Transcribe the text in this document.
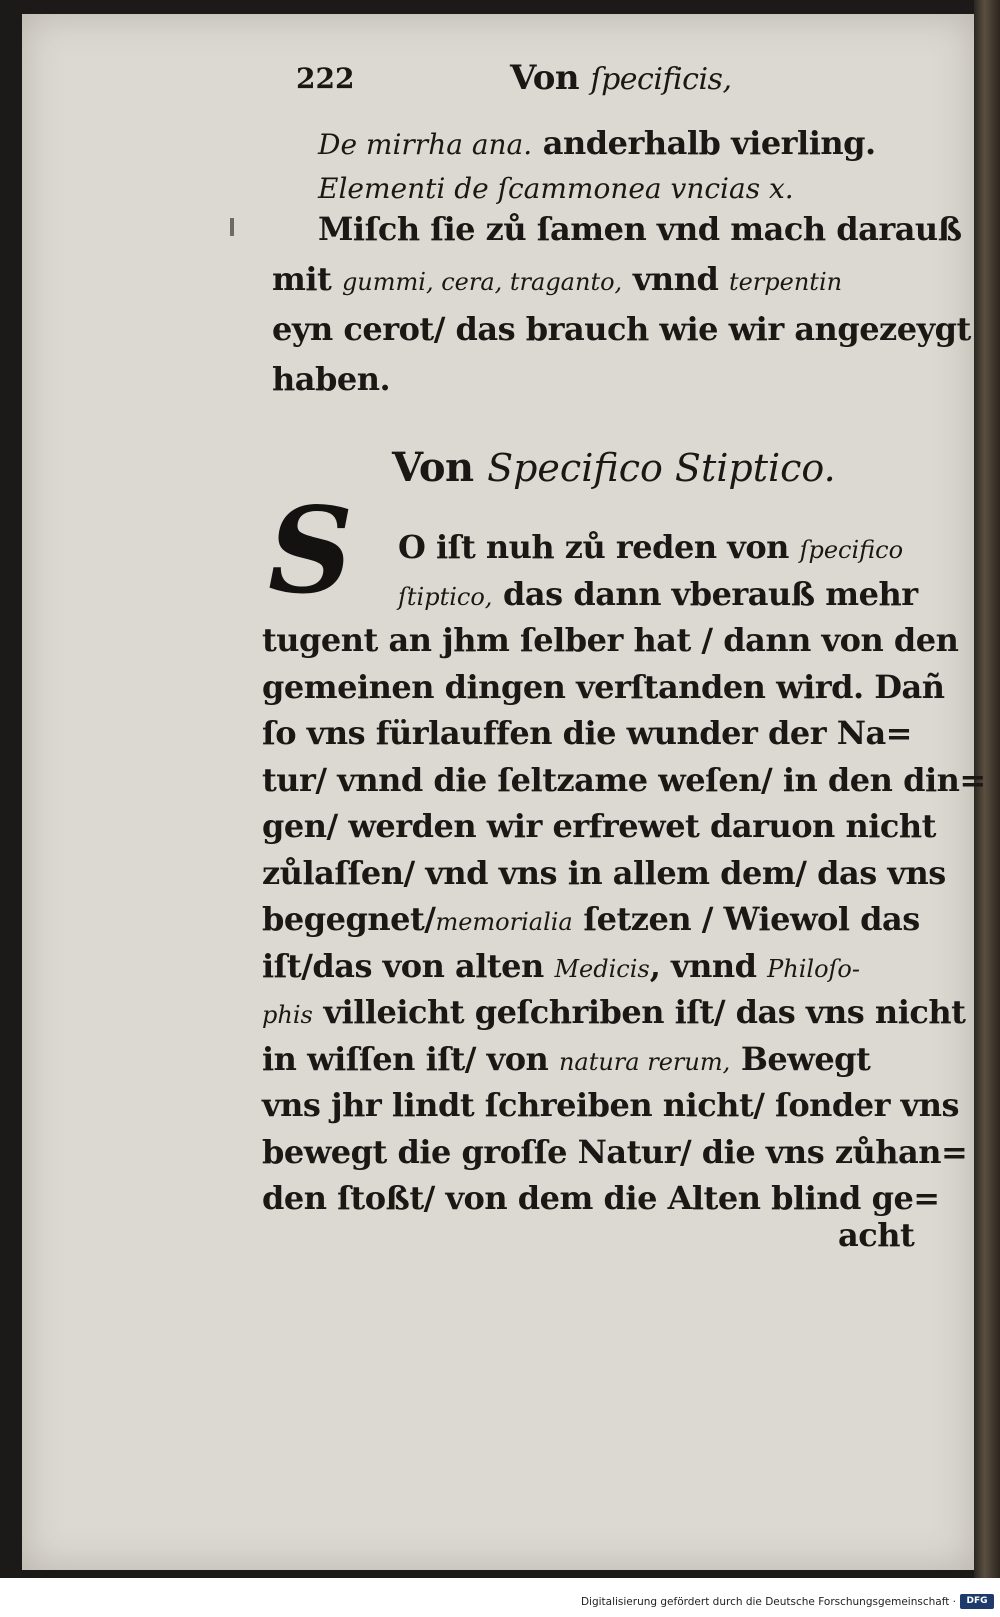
222	Von ſpecificis,
De mirrha ana. anderhalb vierling.
Elementi de ſcammonea vncias x.
Miſch ſie zů ſamen vnd mach darauß
mit gummi, cera, traganto, vnnd terpentin
eyn cerot/ das brauch wie wir angezeygt
haben.
Von Specifico Stiptico.
S	O iſt nuh zů reden von ſpecifico
ſtiptico, das dann vberauß mehr
tugent an jhm ſelber hat / dann von den
gemeinen dingen verſtanden wird. Dañ
ſo vns fürlauffen die wunder der Na=
tur/ vnnd die ſeltzame weſen/ in den din=
gen/ werden wir erfrewet daruon nicht
zůlaſſen/ vnd vns in allem dem/ das vns
begegnet/memorialia ſetzen / Wiewol das
iſt/das von alten Medicis, vnnd Philoſo-
phis villeicht geſchriben iſt/ das vns nicht
in wiſſen iſt/ von natura rerum, Bewegt
vns jhr lindt ſchreiben nicht/ ſonder vns
bewegt die groſſe Natur/ die vns zůhan=
den ſtoßt/ von dem die Alten blind ge=
acht
Digitalisierung gefördert durch die Deutsche Forschungsgemeinschaft ·	DFG
